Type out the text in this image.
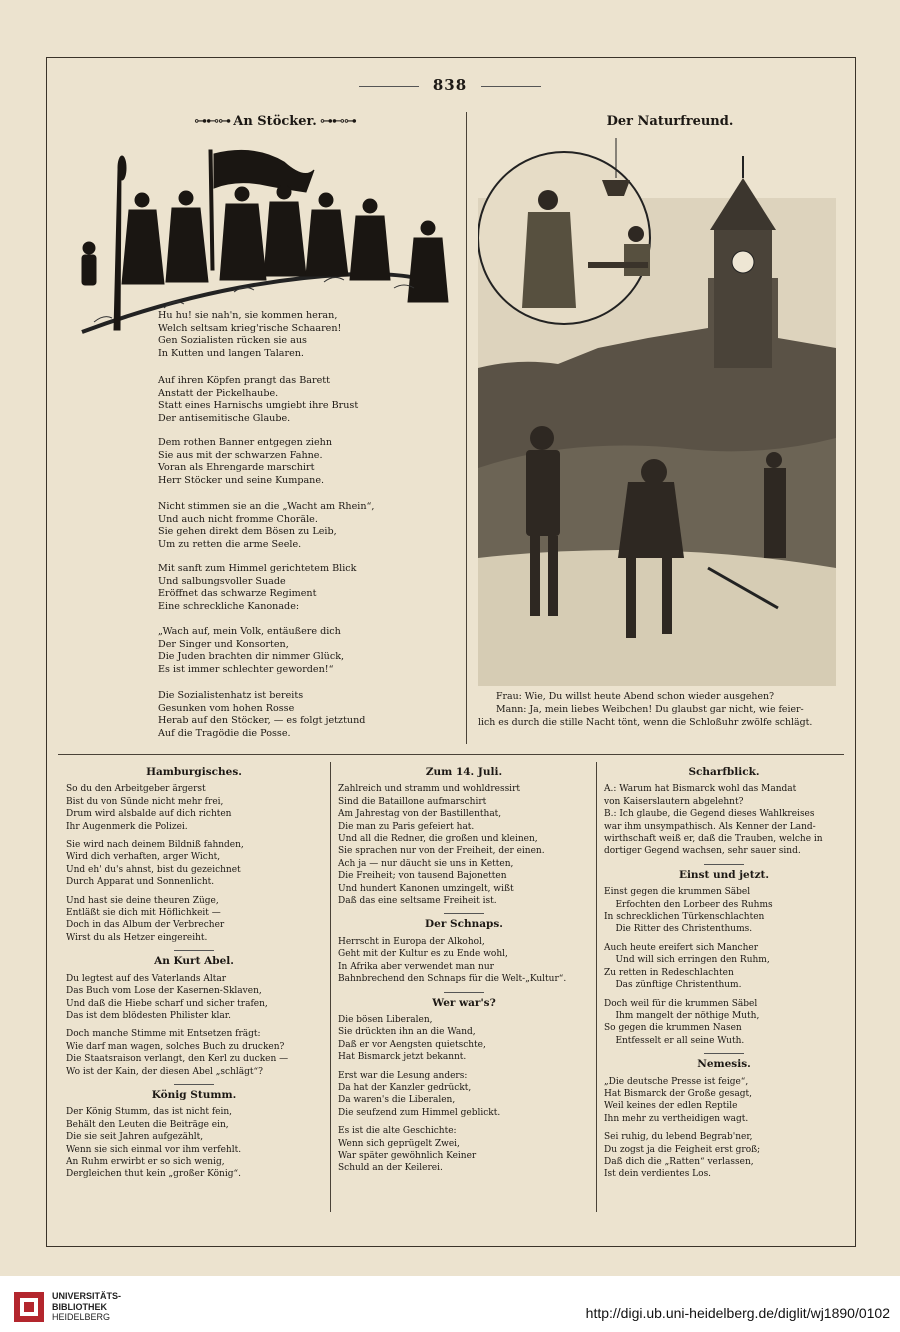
838
⊶⊷⊶ An Stöcker. ⊶⊷⊶
Hu hu! sie nah'n, sie kommen heran,
Welch seltsam krieg'rische Schaaren!
Gen Sozialisten rücken sie aus
In Kutten und langen Talaren.
Auf ihren Köpfen prangt das Barett
Anstatt der Pickelhaube.
Statt eines Harnischs umgiebt ihre Brust
Der antisemitische Glaube.
Dem rothen Banner entgegen ziehn
Sie aus mit der schwarzen Fahne.
Voran als Ehrengarde marschirt
Herr Stöcker und seine Kumpane.
Nicht stimmen sie an die „Wacht am Rhein“,
Und auch nicht fromme Choräle.
Sie gehen direkt dem Bösen zu Leib,
Um zu retten die arme Seele.
Mit sanft zum Himmel gerichtetem Blick
Und salbungsvoller Suade
Eröffnet das schwarze Regiment
Eine schreckliche Kanonade:
„Wach auf, mein Volk, entäußere dich
Der Singer und Konsorten,
Die Juden brachten dir nimmer Glück,
Es ist immer schlechter geworden!“
Die Sozialistenhatz ist bereits
Gesunken vom hohen Rosse
Herab auf den Stöcker, — es folgt jetztund
Auf die Tragödie die Posse.
Der Naturfreund.
Frau: Wie, Du willst heute Abend schon wieder ausgehen?
Mann: Ja, mein liebes Weibchen! Du glaubst gar nicht, wie feier-
lich es durch die stille Nacht tönt, wenn die Schloßuhr zwölfe schlägt.
Hamburgisches.
So du den Arbeitgeber ärgerst
Bist du von Sünde nicht mehr frei,
Drum wird alsbalde auf dich richten
Ihr Augenmerk die Polizei.
Sie wird nach deinem Bildniß fahnden,
Wird dich verhaften, arger Wicht,
Und eh' du's ahnst, bist du gezeichnet
Durch Apparat und Sonnenlicht.
Und hast sie deine theuren Züge,
Entläßt sie dich mit Höflichkeit —
Doch in das Album der Verbrecher
Wirst du als Hetzer eingereiht.
An Kurt Abel.
Du legtest auf des Vaterlands Altar
Das Buch vom Lose der Kasernen-Sklaven,
Und daß die Hiebe scharf und sicher trafen,
Das ist dem blödesten Philister klar.
Doch manche Stimme mit Entsetzen frägt:
Wie darf man wagen, solches Buch zu drucken?
Die Staatsraison verlangt, den Kerl zu ducken —
Wo ist der Kain, der diesen Abel „schlägt“?
König Stumm.
Der König Stumm, das ist nicht fein,
Behält den Leuten die Beiträge ein,
Die sie seit Jahren aufgezählt,
Wenn sie sich einmal vor ihm verfehlt.
An Ruhm erwirbt er so sich wenig,
Dergleichen thut kein „großer König“.
Zum 14. Juli.
Zahlreich und stramm und wohldressirt
Sind die Bataillone aufmarschirt
Am Jahrestag von der Bastillenthat,
Die man zu Paris gefeiert hat.
Und all die Redner, die großen und kleinen,
Sie sprachen nur von der Freiheit, der einen.
Ach ja — nur däucht sie uns in Ketten,
Die Freiheit; von tausend Bajonetten
Und hundert Kanonen umzingelt, wißt
Daß das eine seltsame Freiheit ist.
Der Schnaps.
Herrscht in Europa der Alkohol,
Geht mit der Kultur es zu Ende wohl,
In Afrika aber verwendet man nur
Bahnbrechend den Schnaps für die Welt-„Kultur“.
Wer war's?
Die bösen Liberalen,
Sie drückten ihn an die Wand,
Daß er vor Aengsten quietschte,
Hat Bismarck jetzt bekannt.
Erst war die Lesung anders:
Da hat der Kanzler gedrückt,
Da waren's die Liberalen,
Die seufzend zum Himmel geblickt.
Es ist die alte Geschichte:
Wenn sich geprügelt Zwei,
War später gewöhnlich Keiner
Schuld an der Keilerei.
Scharfblick.
A.: Warum hat Bismarck wohl das Mandat
von Kaiserslautern abgelehnt?
B.: Ich glaube, die Gegend dieses Wahlkreises
war ihm unsympathisch. Als Kenner der Land-
wirthschaft weiß er, daß die Trauben, welche in
dortiger Gegend wachsen, sehr sauer sind.
Einst und jetzt.
Einst gegen die krummen Säbel
Erfochten den Lorbeer des Ruhms
In schrecklichen Türkenschlachten
Die Ritter des Christenthums.
Auch heute ereifert sich Mancher
Und will sich erringen den Ruhm,
Zu retten in Redeschlachten
Das zünftige Christenthum.
Doch weil für die krummen Säbel
Ihm mangelt der nöthige Muth,
So gegen die krummen Nasen
Entfesselt er all seine Wuth.
Nemesis.
„Die deutsche Presse ist feige“,
Hat Bismarck der Große gesagt,
Weil keines der edlen Reptile
Ihn mehr zu vertheidigen wagt.
Sei ruhig, du lebend Begrab'ner,
Du zogst ja die Feigheit erst groß;
Daß dich die „Ratten“ verlassen,
Ist dein verdientes Los.
UNIVERSITÄTS-
BIBLIOTHEK
HEIDELBERG	http://digi.ub.uni-heidelberg.de/diglit/wj1890/0102
